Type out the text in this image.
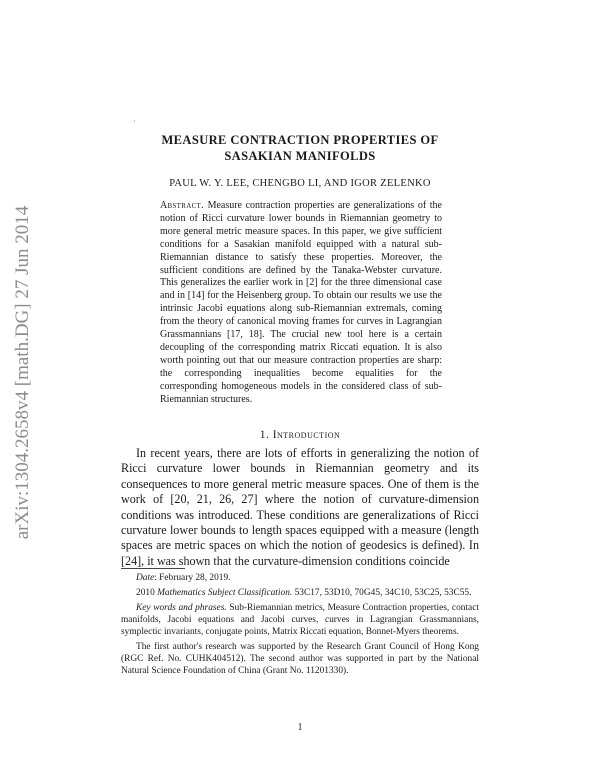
arXiv:1304.2658v4 [math.DG] 27 Jun 2014
·
MEASURE CONTRACTION PROPERTIES OF
SASAKIAN MANIFOLDS
PAUL W. Y. LEE, CHENGBO LI, AND IGOR ZELENKO
Abstract. Measure contraction properties are generalizations of the notion of Ricci curvature lower bounds in Riemannian geometry to more general metric measure spaces. In this paper, we give sufficient conditions for a Sasakian manifold equipped with a natural sub-Riemannian distance to satisfy these properties. Moreover, the sufficient conditions are defined by the Tanaka-Webster curvature. This generalizes the earlier work in [2] for the three dimensional case and in [14] for the Heisenberg group. To obtain our results we use the intrinsic Jacobi equations along sub-Riemannian extremals, coming from the theory of canonical moving frames for curves in Lagrangian Grassmannians [17, 18]. The crucial new tool here is a certain decoupling of the corresponding matrix Riccati equation. It is also worth pointing out that our measure contraction properties are sharp: the corresponding inequalities become equalities for the corresponding homogeneous models in the considered class of sub-Riemannian structures.
1. Introduction
In recent years, there are lots of efforts in generalizing the notion of Ricci curvature lower bounds in Riemannian geometry and its consequences to more general metric measure spaces. One of them is the work of [20, 21, 26, 27] where the notion of curvature-dimension conditions was introduced. These conditions are generalizations of Ricci curvature lower bounds to length spaces equipped with a measure (length spaces are metric spaces on which the notion of geodesics is defined). In [24], it was shown that the curvature-dimension conditions coincide

Date: February 28, 2019.

2010 Mathematics Subject Classification. 53C17, 53D10, 70G45, 34C10, 53C25, 53C55.

Key words and phrases. Sub-Riemannian metrics, Measure Contraction properties, contact manifolds, Jacobi equations and Jacobi curves, curves in Lagrangian Grassmannians, symplectic invariants, conjugate points, Matrix Riccati equation, Bonnet-Myers theorems.

The first author's research was supported by the Research Grant Council of Hong Kong (RGC Ref. No. CUHK404512). The second author was supported in part by the National Natural Science Foundation of China (Grant No. 11201330).

1
